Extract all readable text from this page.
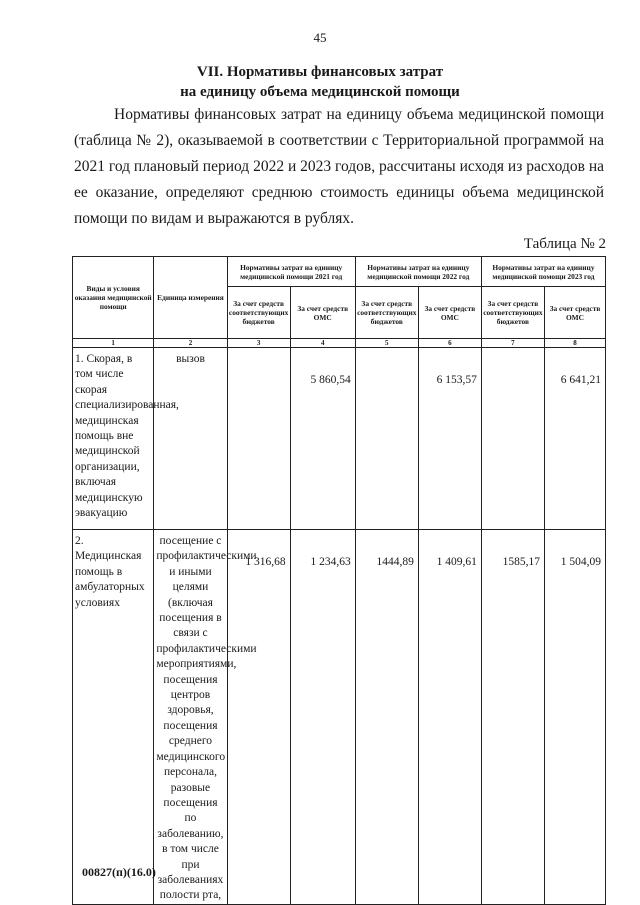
45
VII. Нормативы финансовых затрат
на единицу объема медицинской помощи

Нормативы финансовых затрат на единицу объема медицинской помощи (таблица № 2), оказываемой в соответствии с Территориальной программой на 2021 год плановый период 2022 и 2023 годов, рассчитаны исходя из расходов на ее оказание, определяют среднюю стоимость единицы объема медицинской помощи по видам и выражаются в рублях.

Таблица № 2
Виды и условия оказания медицинской помощи	Единица измерения	Нормативы затрат на единицу медицинской помощи 2021 год		Нормативы затрат на единицу медицинской помощи 2022 год		Нормативы затрат на единицу медицинской помощи 2023 год	
		За счет средств соответствующих бюджетов	За счет средств ОМС	За счет средств соответствующих бюджетов	За счет средств ОМС	За счет средств соответствующих бюджетов	За счет средств ОМС
1	2	3	4	5	6	7	8
1. Скорая, в том числе скорая специализированная, медицинская помощь вне медицинской организации, включая медицинскую эвакуацию	вызов		5 860,54		6 153,57		6 641,21

2. Медицинская помощь в амбулаторных условиях	посещение с профилактическими и иными целями (включая посещения в связи с профилактическими мероприятиями, посещения центров здоровья, посещения среднего медицинского персонала, разовые посещения по заболеванию, в том числе при заболеваниях полости рта,	1 316,68	1 234,63	1444,89	1 409,61	1585,17	1 504,09
00827(п)(16.0)
